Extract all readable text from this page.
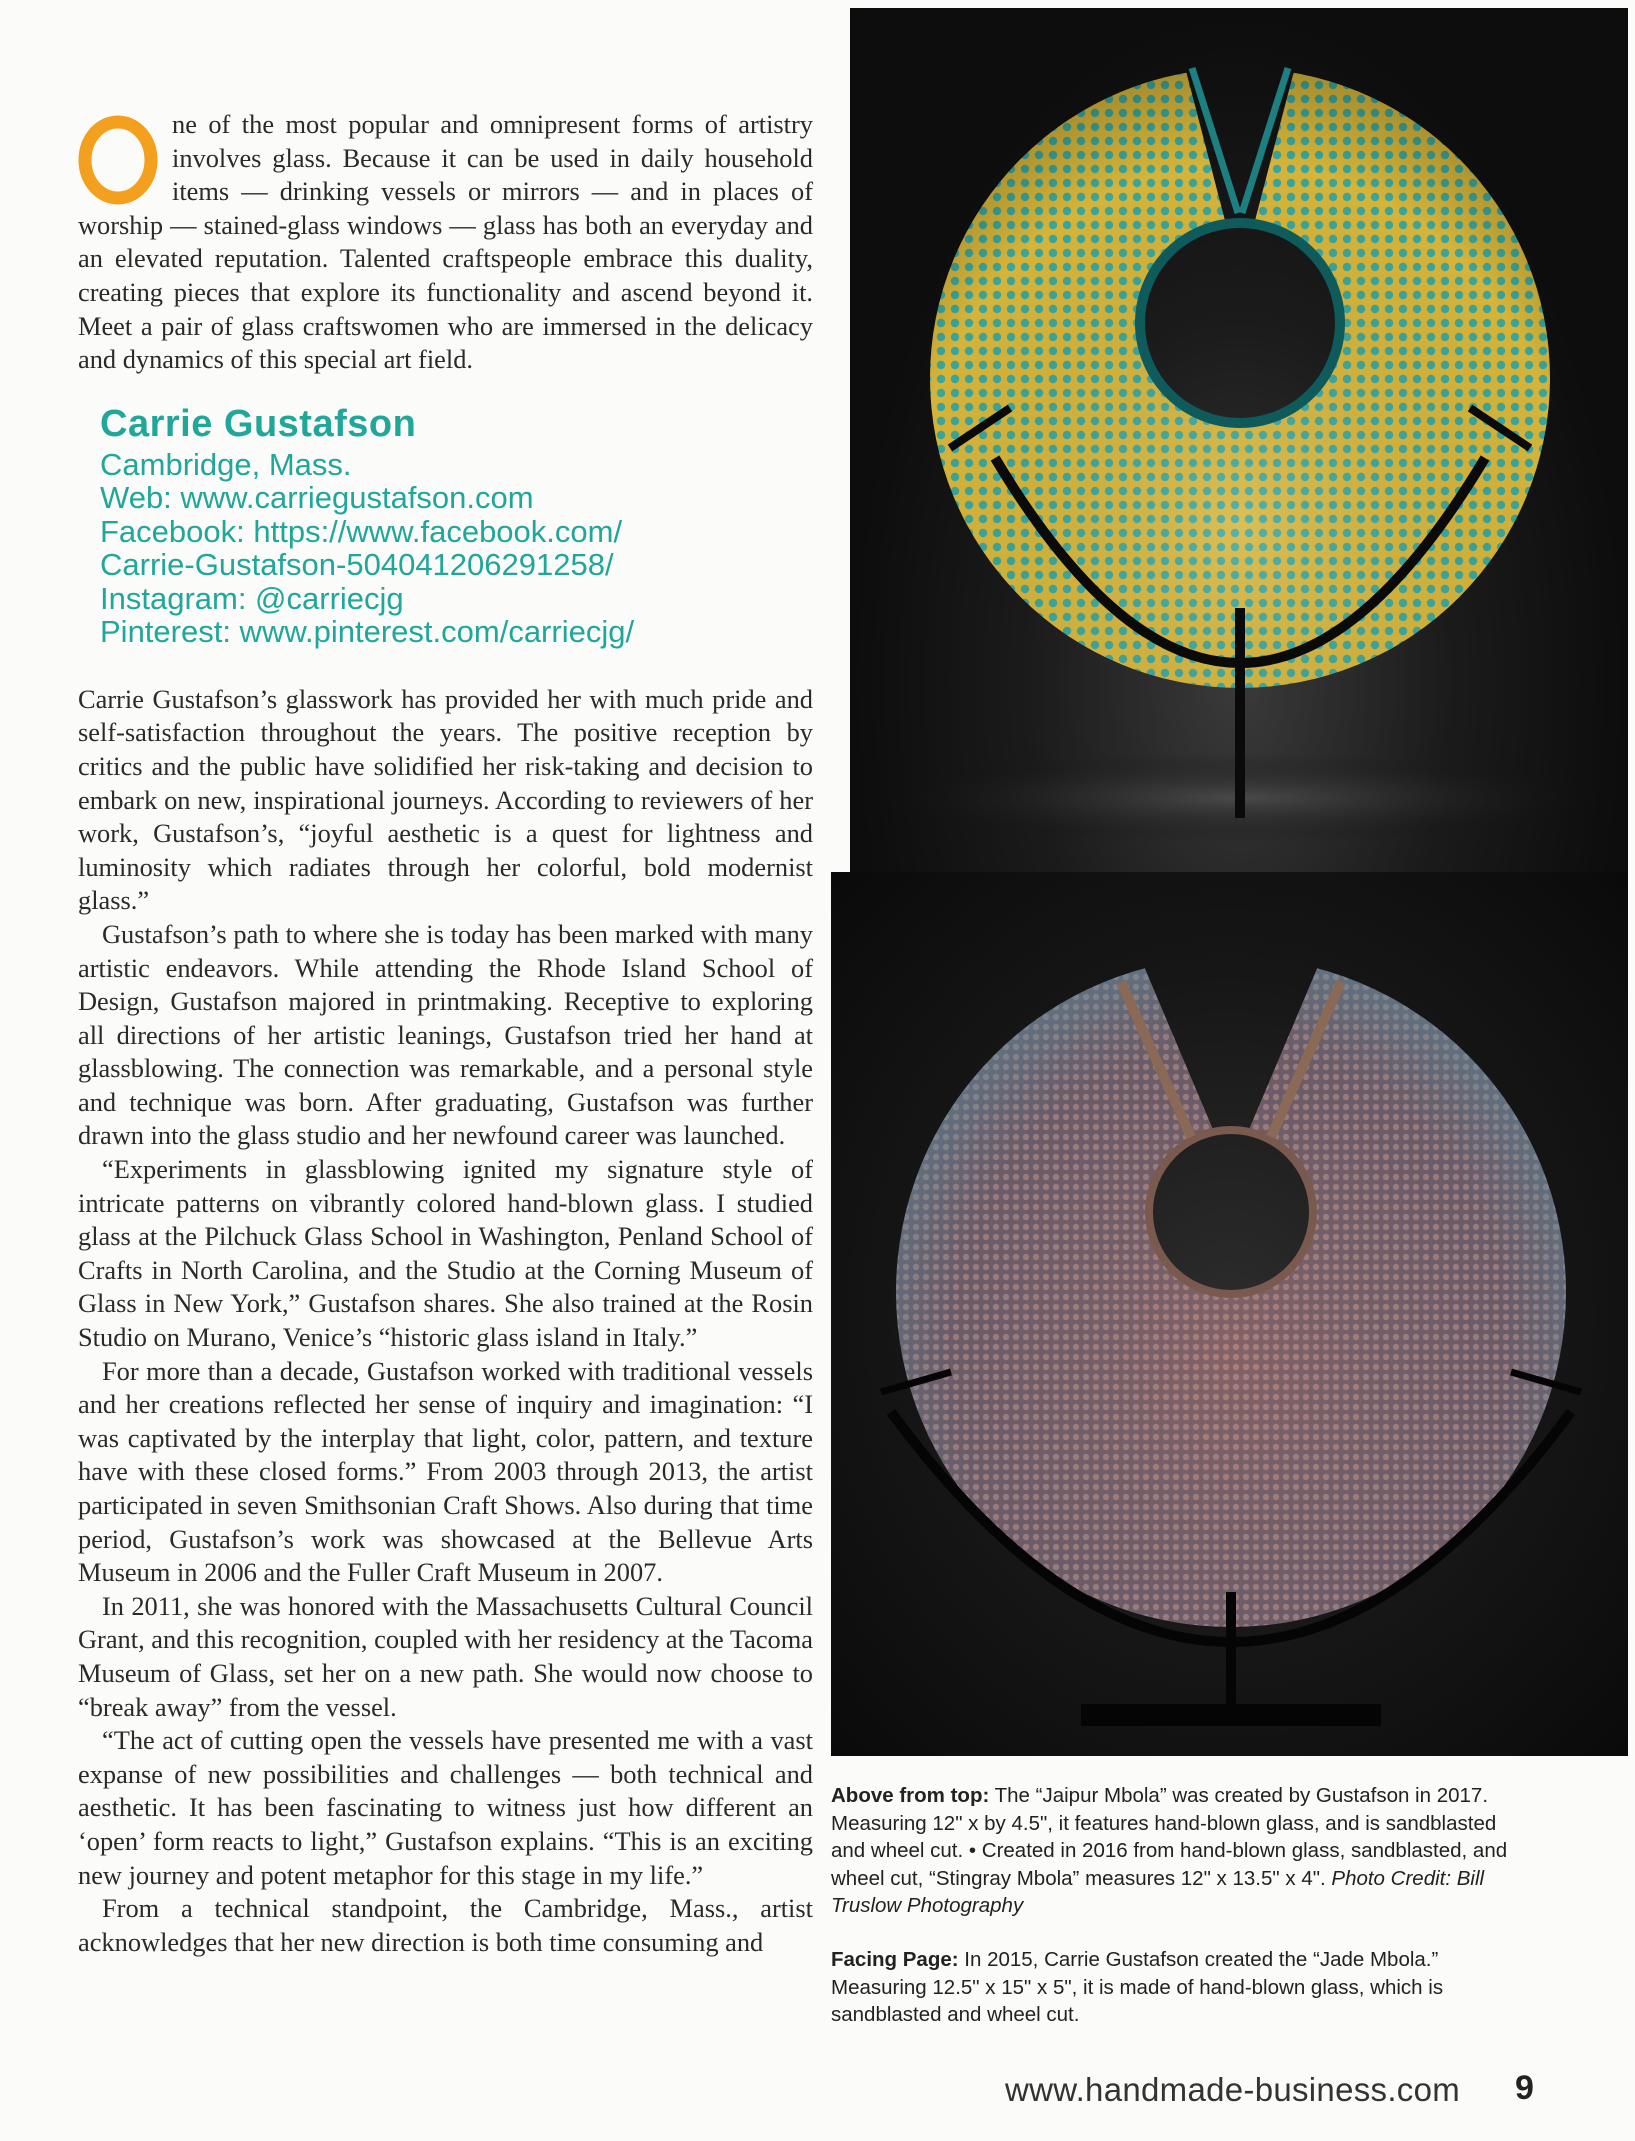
ne of the most popular and omnipresent forms of artistry involves glass. Because it can be used in daily household items — drinking vessels or mirrors — and in places of worship — stained-glass windows — glass has both an everyday and an elevated reputation. Talented craftspeople embrace this duality, creating pieces that explore its functionality and ascend beyond it. Meet a pair of glass craftswomen who are immersed in the delicacy and dynamics of this special art field.

Carrie Gustafson
Cambridge, Mass.
Web: www.carriegustafson.com
Facebook: https://www.facebook.com/
Carrie-Gustafson-504041206291258/
Instagram: @carriecjg
Pinterest: www.pinterest.com/carriecjg/

Carrie Gustafson’s glasswork has provided her with much pride and self-satisfaction throughout the years. The positive reception by critics and the public have solidified her risk-taking and decision to embark on new, inspirational journeys. According to reviewers of her work, Gustafson’s, “joyful aesthetic is a quest for lightness and luminosity which radiates through her colorful, bold modernist glass.”

Gustafson’s path to where she is today has been marked with many artistic endeavors. While attending the Rhode Island School of Design, Gustafson majored in printmaking. Receptive to exploring all directions of her artistic leanings, Gustafson tried her hand at glassblowing. The connection was remarkable, and a personal style and technique was born. After graduating, Gustafson was further drawn into the glass studio and her newfound career was launched.

“Experiments in glassblowing ignited my signature style of intricate patterns on vibrantly colored hand-blown glass. I studied glass at the Pilchuck Glass School in Washington, Penland School of Crafts in North Carolina, and the Studio at the Corning Museum of Glass in New York,” Gustafson shares. She also trained at the Rosin Studio on Murano, Venice’s “historic glass island in Italy.”

For more than a decade, Gustafson worked with traditional vessels and her creations reflected her sense of inquiry and imagination: “I was captivated by the interplay that light, color, pattern, and texture have with these closed forms.” From 2003 through 2013, the artist participated in seven Smithsonian Craft Shows. Also during that time period, Gustafson’s work was showcased at the Bellevue Arts Museum in 2006 and the Fuller Craft Museum in 2007.

In 2011, she was honored with the Massachusetts Cultural Council Grant, and this recognition, coupled with her residency at the Tacoma Museum of Glass, set her on a new path. She would now choose to “break away” from the vessel.

“The act of cutting open the vessels have presented me with a vast expanse of new possibilities and challenges — both technical and aesthetic. It has been fascinating to witness just how different an ‘open’ form reacts to light,” Gustafson explains. “This is an exciting new journey and potent metaphor for this stage in my life.”

From a technical standpoint, the Cambridge, Mass., artist acknowledges that her new direction is both time consuming and

Above from top: The “Jaipur Mbola” was created by Gustafson in 2017. Measuring 12" x by 4.5", it features hand-blown glass, and is sandblasted and wheel cut. • Created in 2016 from hand-blown glass, sandblasted, and wheel cut, “Stingray Mbola” measures 12" x 13.5" x 4". Photo Credit: Bill Truslow Photography
Facing Page: In 2015, Carrie Gustafson created the “Jade Mbola.” Measuring 12.5" x 15" x 5", it is made of hand-blown glass, which is sandblasted and wheel cut.
www.handmade-business.com 9
